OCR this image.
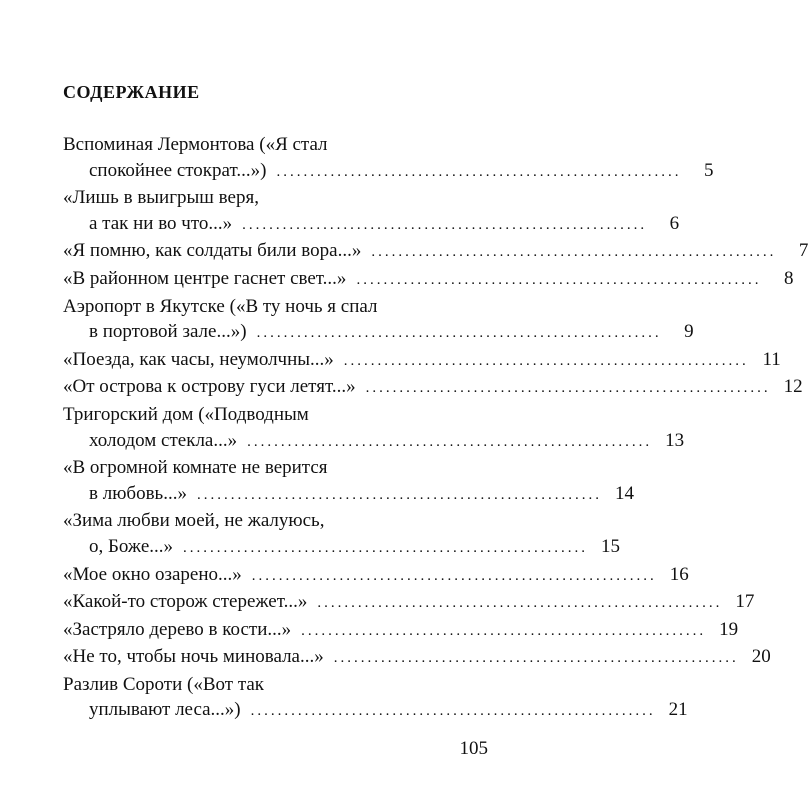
СОДЕРЖАНИЕ
Вспоминая Лермонтова («Я стал
спокойнее стократ...») ............................................................	5
«Лишь в выигрыш веря,
а так ни во что...» ............................................................	6
«Я помню, как солдаты били вора...» ............................................................	7
«В районном центре гаснет свет...» ............................................................	8
Аэропорт в Якутске («В ту ночь я спал
в портовой зале...») ............................................................	9
«Поезда, как часы, неумолчны...» ............................................................ 11
«От острова к острову гуси летят...» ............................................................ 12
Тригорский дом («Подводным
холодом стекла...» ............................................................ 13
«В огромной комнате не верится
в любовь...» ............................................................ 14
«Зима любви моей, не жалуюсь,
о, Боже...» ............................................................ 15
«Мое окно озарено...» ............................................................ 16
«Какой-то сторож стережет...» ............................................................ 17
«Застряло дерево в кости...» ............................................................ 19
«Не то, чтобы ночь миновала...» ............................................................ 20
Разлив Сороти («Вот так
уплывают леса...») ............................................................ 21
105
